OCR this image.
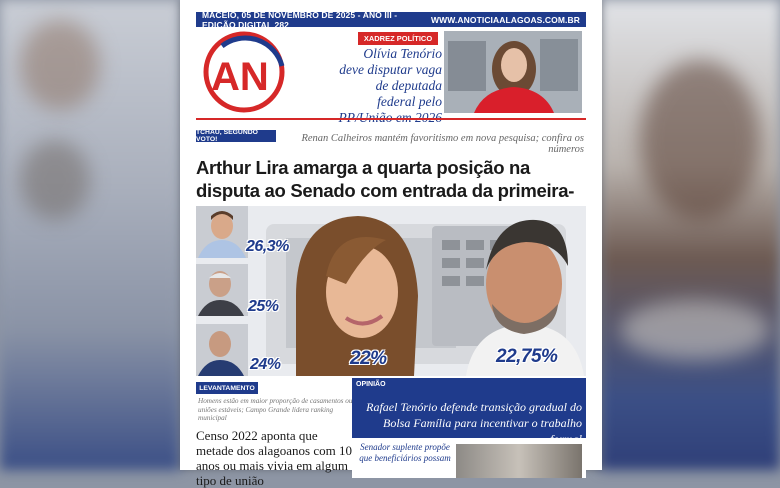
MACEIÓ, 05 DE NOVEMBRO DE 2025 - ANO III - EDIÇÃO DIGITAL 282	WWW.ANOTICIAALAGOAS.COM.BR
AN
XADREZ POLÍTICO
Olívia Tenório deve disputar vaga de deputada federal pelo
TCHAU, SEGUNDO VOTO!	Renan Calheiros mantém favoritismo em nova pesquisa; confira os números
Arthur Lira amarga a quarta posição na disputa ao Senado com entrada da primeira-
26,3%
25%
24%	22%	22,75%
LEVANTAMENTO
Homens estão em maior proporção de casamentos ou uniões estáveis; Campo Grande lidera ranking municipal
Censo 2022 aponta que metade dos alagoanos com 10 anos ou mais vivia em algum tipo de união
OPINIÃO
Rafael Tenório defende transição gradual do Bolsa Família para incentivar o trabalho
Senador suplente propõe que beneficiários possam
